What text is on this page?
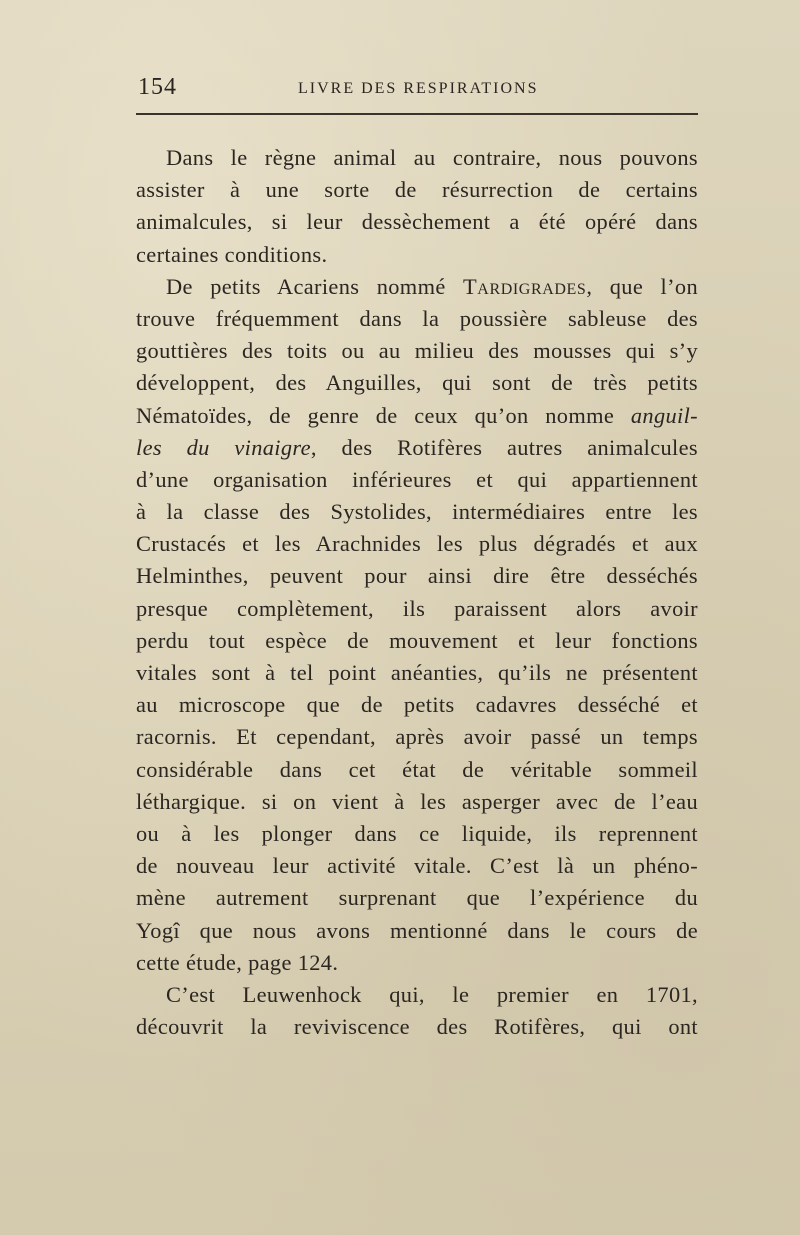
154	LIVRE DES RESPIRATIONS
Dans le règne animal au contraire, nous pouvons
assister à une sorte de résurrection de certains
animalcules, si leur dessèchement a été opéré dans
certaines conditions.
De petits Acariens nommé Tardigrades, que l’on
trouve fréquemment dans la poussière sableuse des
gouttières des toits ou au milieu des mousses qui s’y
développent, des Anguilles, qui sont de très petits
Nématoïdes, de genre de ceux qu’on nomme anguil-
les du vinaigre, des Rotifères autres animalcules
d’une organisation inférieures et qui appartiennent
à la classe des Systolides, intermédiaires entre les
Crustacés et les Arachnides les plus dégradés et aux
Helminthes, peuvent pour ainsi dire être desséchés
presque complètement, ils paraissent alors avoir
perdu tout espèce de mouvement et leur fonctions
vitales sont à tel point anéanties, qu’ils ne présentent
au microscope que de petits cadavres desséché et
racornis. Et cependant, après avoir passé un temps
considérable dans cet état de véritable sommeil
léthargique. si on vient à les asperger avec de l’eau
ou à les plonger dans ce liquide, ils reprennent
de nouveau leur activité vitale. C’est là un phéno-
mène autrement surprenant que l’expérience du
Yogî que nous avons mentionné dans le cours de
cette étude, page 124.
C’est Leuwenhock qui, le premier en 1701,
découvrit la reviviscence des Rotifères, qui ont
